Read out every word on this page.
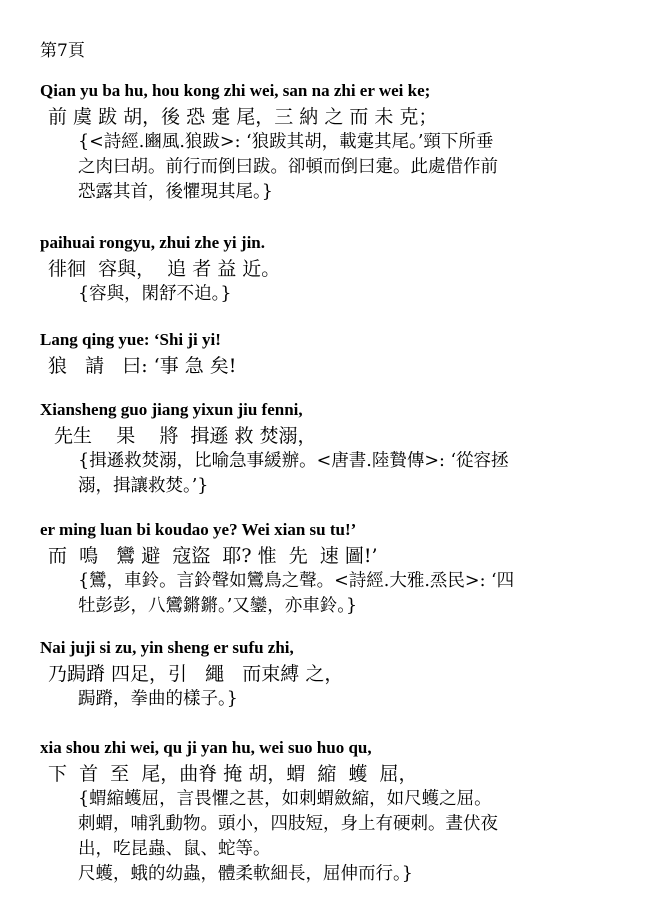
第7頁
Qian yu ba hu, hou kong zhi wei, san na zhi er wei ke;
前 虞 跋 胡，後 恐 疐 尾，三 納 之 而 未 克；
{<詩經.豳風.狼跋>: ‘狼跋其胡，載疐其尾。’頸下所垂
之肉曰胡。前行而倒曰跋。卻頓而倒曰疐。此處借作前
恐露其首，後懼現其尾。}
paihuai rongyu, zhui zhe yi jin.
徘徊  容與，  追 者 益 近。
{容與，閑舒不迫。}
Lang qing yue: ‘Shi ji yi!
狼   請   曰: ‘事 急 矣!
Xiansheng guo jiang yixun jiu fenni,
先生    果    將  揖遜 救 焚溺，
{揖遜救焚溺，比喻急事緩辦。<唐書.陸贄傳>: ‘從容拯
溺，揖讓救焚。’}
er ming luan bi koudao ye? Wei xian su tu!’
而  鳴   鸞 避  寇盜  耶? 惟  先  速 圖!’
{鸞，車鈴。言鈴聲如鸞鳥之聲。<詩經.大雅.烝民>: ‘四
牡彭彭，八鸞鏘鏘。’又鑾，亦車鈴。}
Nai juji si zu, yin sheng er sufu zhi,
乃跼蹐 四足，引   繩   而束縛 之，
跼蹐，拳曲的樣子。}
xia shou zhi wei, qu ji yan hu, wei suo huo qu,
下  首  至  尾，曲脊 掩 胡，蝟  縮  蠖  屈，
{蝟縮蠖屈，言畏懼之甚，如刺蝟斂縮，如尺蠖之屈。
刺蝟，哺乳動物。頭小，四肢短，身上有硬刺。晝伏夜
出，吃昆蟲、鼠、蛇等。
尺蠖，蛾的幼蟲，體柔軟細長，屈伸而行。}
